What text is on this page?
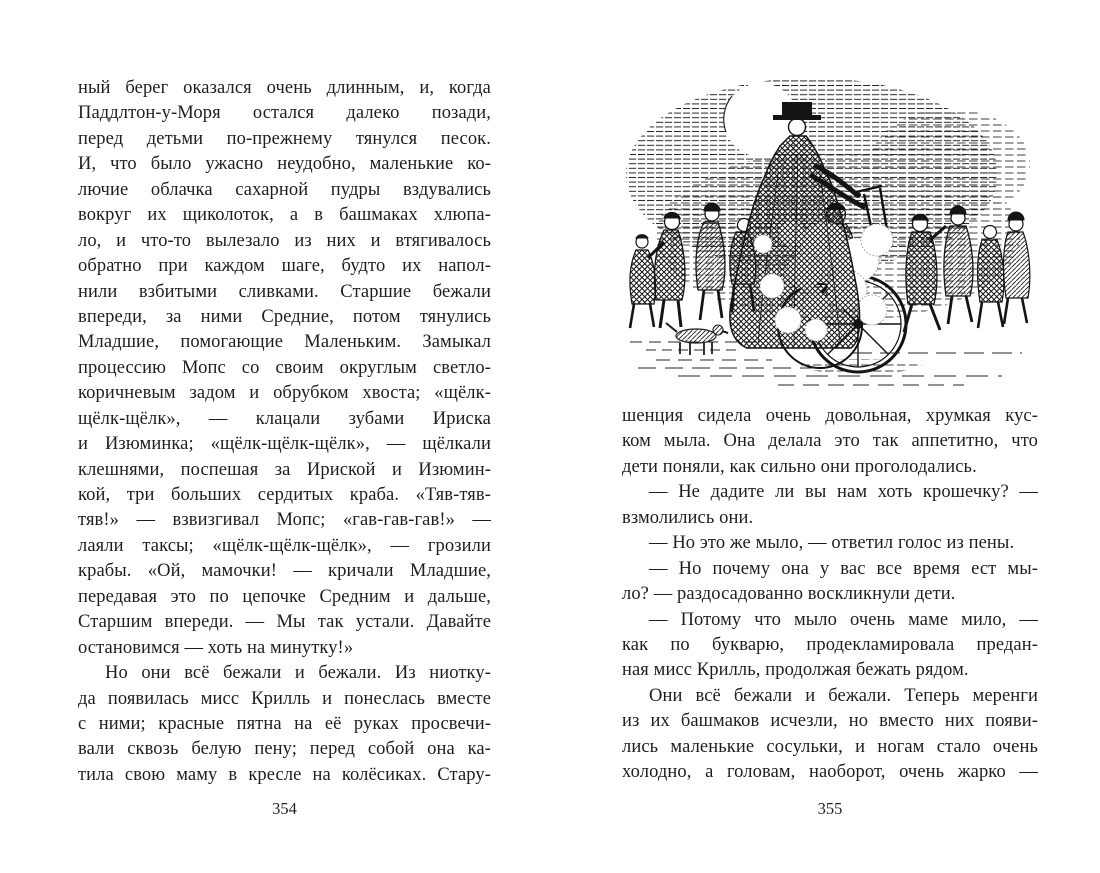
ный берег оказался очень длинным, и, когда
Паддлтон-у-Моря остался далеко позади,
перед детьми по-прежнему тянулся песок.
И, что было ужасно неудобно, маленькие ко-
лючие облачка сахарной пудры вздувались
вокруг их щиколоток, а в башмаках хлюпа-
ло, и что-то вылезало из них и втягивалось
обратно при каждом шаге, будто их напол-
нили взбитыми сливками. Старшие бежали
впереди, за ними Средние, потом тянулись
Младшие, помогающие Маленьким. Замыкал
процессию Мопс со своим округлым светло-
коричневым задом и обрубком хвоста; «щёлк-
щёлк-щёлк», — клацали зубами Ириска
и Изюминка; «щёлк-щёлк-щёлк», — щёлкали
клешнями, поспешая за Ириской и Изюмин-
кой, три больших сердитых краба. «Тяв-тяв-
тяв!» — взвизгивал Мопс; «гав-гав-гав!» —
лаяли таксы; «щёлк-щёлк-щёлк», — грозили
крабы. «Ой, мамочки! — кричали Младшие,
передавая это по цепочке Средним и дальше,
Старшим впереди. — Мы так устали. Давайте
остановимся — хоть на минутку!»
Но они всё бежали и бежали. Из ниотку-
да появилась мисс Крилль и понеслась вместе
с ними; красные пятна на её руках просвечи-
вали сквозь белую пену; перед собой она ка-
тила свою маму в кресле на колёсиках. Стару-
354
шенция сидела очень довольная, хрумкая кус-
ком мыла. Она делала это так аппетитно, что
дети поняли, как сильно они проголодались.
— Не дадите ли вы нам хоть крошечку? —
взмолились они.
— Но это же мыло, — ответил голос из пены.
— Но почему она у вас все время ест мы-
ло? — раздосадованно воскликнули дети.
— Потому что мыло очень маме мило, —
как по букварю, продекламировала предан-
ная мисс Крилль, продолжая бежать рядом.
Они всё бежали и бежали. Теперь меренги
из их башмаков исчезли, но вместо них появи-
лись маленькие сосульки, и ногам стало очень
холодно, а головам, наоборот, очень жарко —
355
